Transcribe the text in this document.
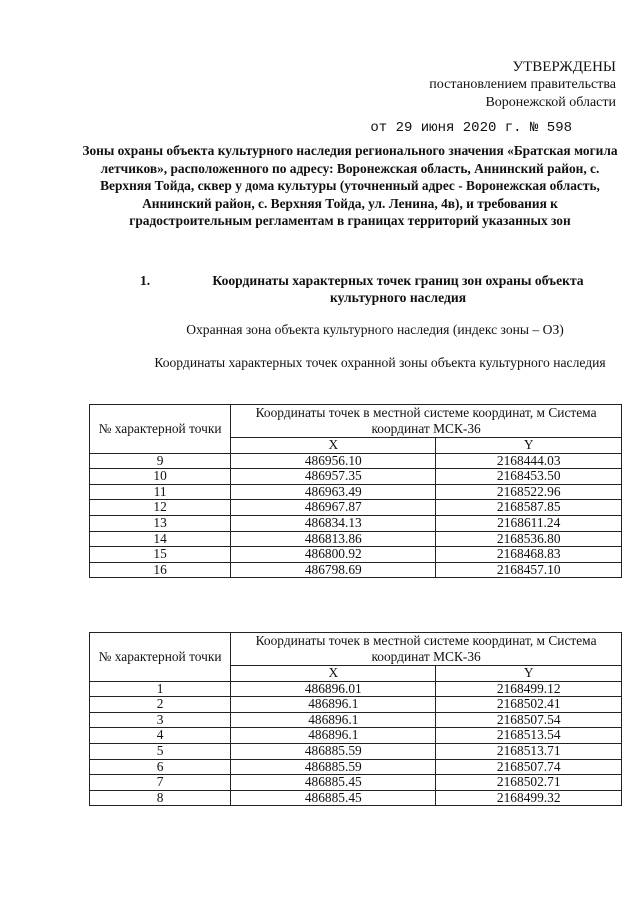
УТВЕРЖДЕНЫ
постановлением правительства
Воронежской области
от 29 июня 2020 г. № 598
Зоны охраны объекта культурного наследия регионального значения «Братская могила летчиков», расположенного по адресу: Воронежская область, Аннинский район, с. Верхняя Тойда, сквер у дома культуры (уточненный адрес - Воронежская область, Аннинский район, с. Верхняя Тойда, ул. Ленина, 4в), и требования к градостроительным регламентам в границах территорий указанных зон
1.	Координаты характерных точек границ зон охраны объекта культурного наследия
Охранная зона объекта культурного наследия (индекс зоны – ОЗ)
Координаты характерных точек охранной зоны объекта культурного наследия
№ характерной точки	Координаты точек в местной системе координат, м Система координат МСК-36	
	X	Y
9	486956.10	2168444.03
10	486957.35	2168453.50
11	486963.49	2168522.96
12	486967.87	2168587.85
13	486834.13	2168611.24
14	486813.86	2168536.80
15	486800.92	2168468.83
16	486798.69	2168457.10
№ характерной точки	Координаты точек в местной системе координат, м Система координат МСК-36	
	X	Y
1	486896.01	2168499.12
2	486896.1	2168502.41
3	486896.1	2168507.54
4	486896.1	2168513.54
5	486885.59	2168513.71
6	486885.59	2168507.74
7	486885.45	2168502.71
8	486885.45	2168499.32
